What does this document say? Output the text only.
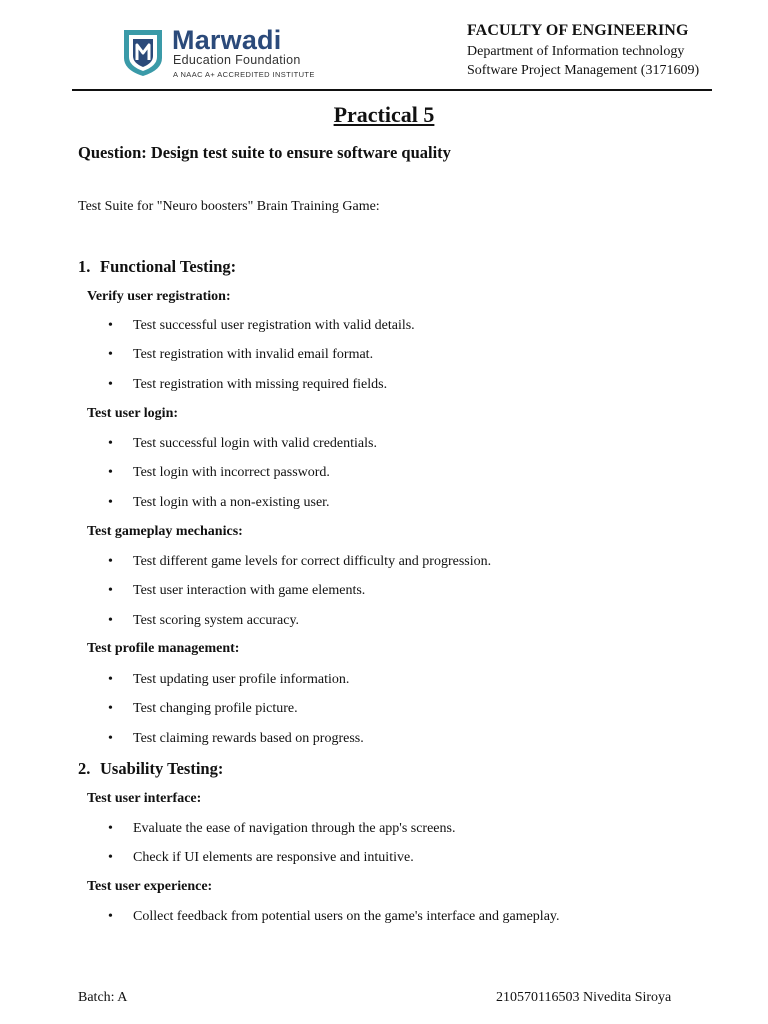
Marwadi
Education Foundation
A NAAC A+ ACCREDITED INSTITUTE
FACULTY OF ENGINEERING
Department of Information technology
Software Project Management (3171609)
Practical 5
Question: Design test suite to ensure software quality
Test Suite for "Neuro boosters" Brain Training Game:
1. Functional Testing:
Verify user registration:
• Test successful user registration with valid details.
• Test registration with invalid email format.
• Test registration with missing required fields.
Test user login:
• Test successful login with valid credentials.
• Test login with incorrect password.
• Test login with a non-existing user.
Test gameplay mechanics:
• Test different game levels for correct difficulty and progression.
• Test user interaction with game elements.
• Test scoring system accuracy.
Test profile management:
• Test updating user profile information.
• Test changing profile picture.
• Test claiming rewards based on progress.
2. Usability Testing:
Test user interface:
• Evaluate the ease of navigation through the app's screens.
• Check if UI elements are responsive and intuitive.
Test user experience:
• Collect feedback from potential users on the game's interface and gameplay.
Batch: A	210570116503 Nivedita Siroya
